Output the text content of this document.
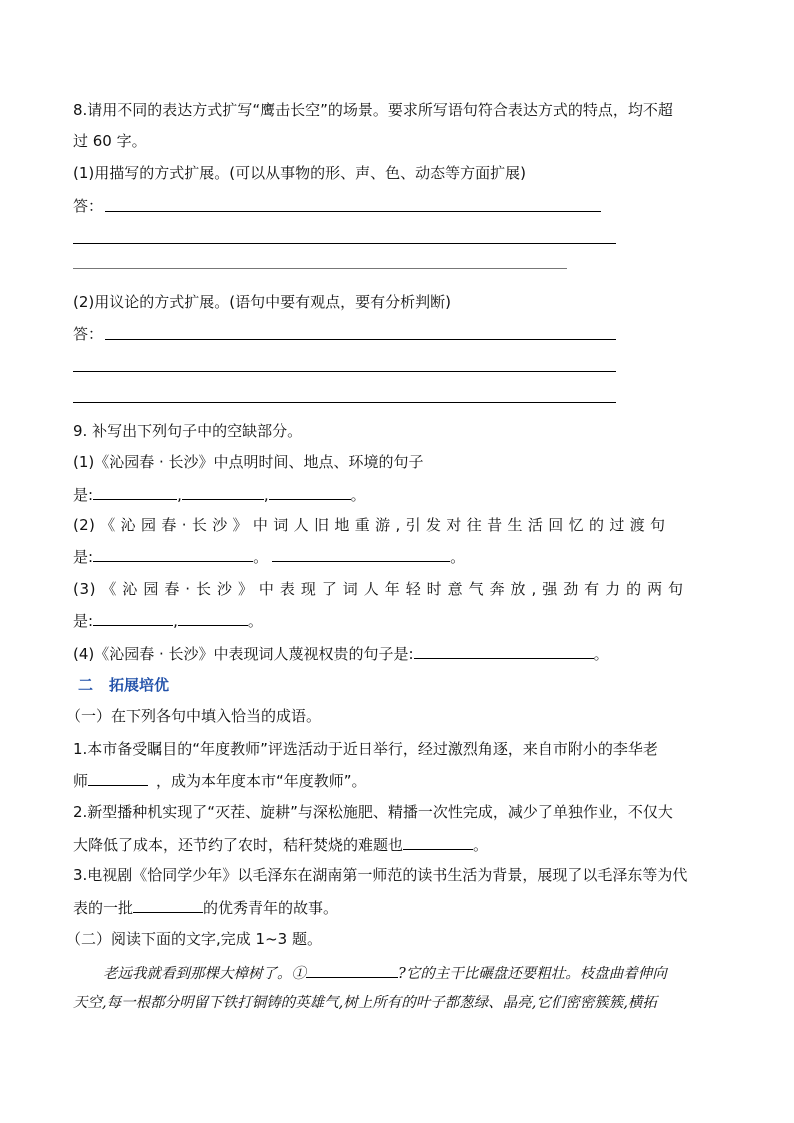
8.请用不同的表达方式扩写“鹰击长空”的场景。要求所写语句符合表达方式的特点，均不超
过 60 字。
(1)用描写的方式扩展。(可以从事物的形、声、色、动态等方面扩展)
答：
(2)用议论的方式扩展。(语句中要有观点，要有分析判断)
答：
9. 补写出下列句子中的空缺部分。
(1)《沁园春 · 长沙》中点明时间、地点、环境的句子
是:	,	,	。
(2) 《 沁 园 春 · 长 沙 》 中 词 人 旧 地 重 游 , 引 发 对 往 昔 生 活 回 忆 的 过 渡 句
是:	。	。
(3) 《 沁 园 春 · 长 沙 》 中 表 现 了 词 人 年 轻 时 意 气 奔 放 , 强 劲 有 力 的 两 句
是:	,	。
(4)《沁园春 · 长沙》中表现词人蔑视权贵的句子是:	。
二 拓展培优
（一）在下列各句中填入恰当的成语。
1.本市备受瞩目的“年度教师”评选活动于近日举行，经过激烈角逐，来自市附小的李华老
师	，成为本年度本市“年度教师”。
2.新型播种机实现了“灭茬、旋耕”与深松施肥、精播一次性完成，减少了单独作业，不仅大
大降低了成本，还节约了农时，秸秆焚烧的难题也	。
3.电视剧《恰同学少年》以毛泽东在湖南第一师范的读书生活为背景，展现了以毛泽东等为代
表的一批	的优秀青年的故事。
（二）阅读下面的文字,完成 1~3 题。
老远我就看到那棵大樟树了。①	?它的主干比碾盘还要粗壮。枝盘曲着伸向
天空,每一根都分明留下铁打铜铸的英雄气,树上所有的叶子都葱绿、晶亮,它们密密簇簇,横拓
